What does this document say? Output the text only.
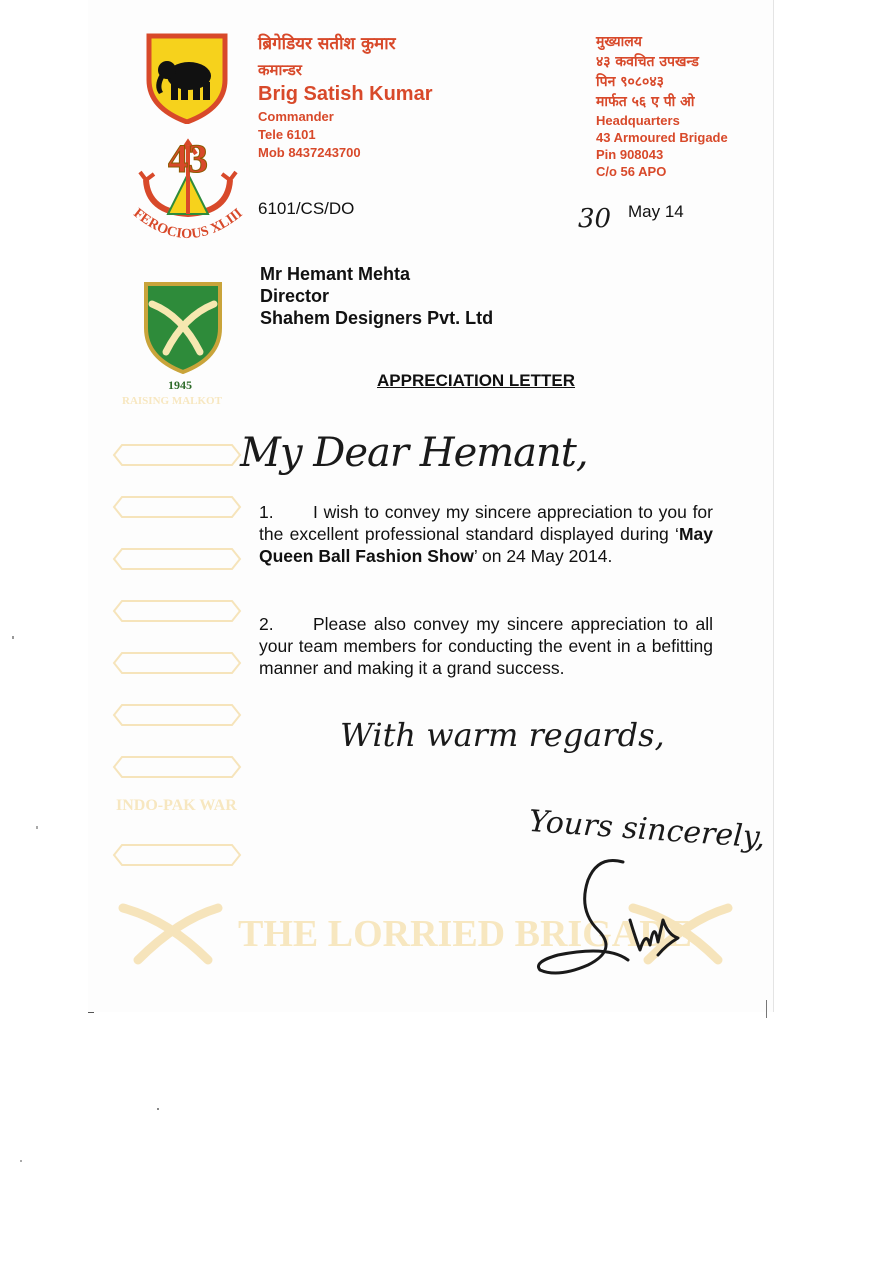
RAISING MALKOT
INDO-PAK WAR
THE LORRIED BRIGADE
43
FEROCIOUS XLIII
1945
ब्रिगेडियर सतीश कुमार
कमान्डर
Brig Satish Kumar
Commander
Tele 6101
Mob 8437243700
मुख्यालय
४३ कवचित उपखन्ड
पिन ९०८०४३
मार्फत ५६ ए पी ओ
Headquarters
43 Armoured Brigade
Pin 908043
C/o 56 APO
6101/CS/DO	30 May 14
Mr Hemant Mehta
Director
Shahem Designers Pvt. Ltd
APPRECIATION LETTER
My Dear Hemant,
1. I wish to convey my sincere appreciation to you for the excellent professional standard displayed during ‘May Queen Ball Fashion Show’ on 24 May 2014.
2. Please also convey my sincere appreciation to all your team members for conducting the event in a befitting manner and making it a grand success.
With warm regards,
Yours sincerely,
